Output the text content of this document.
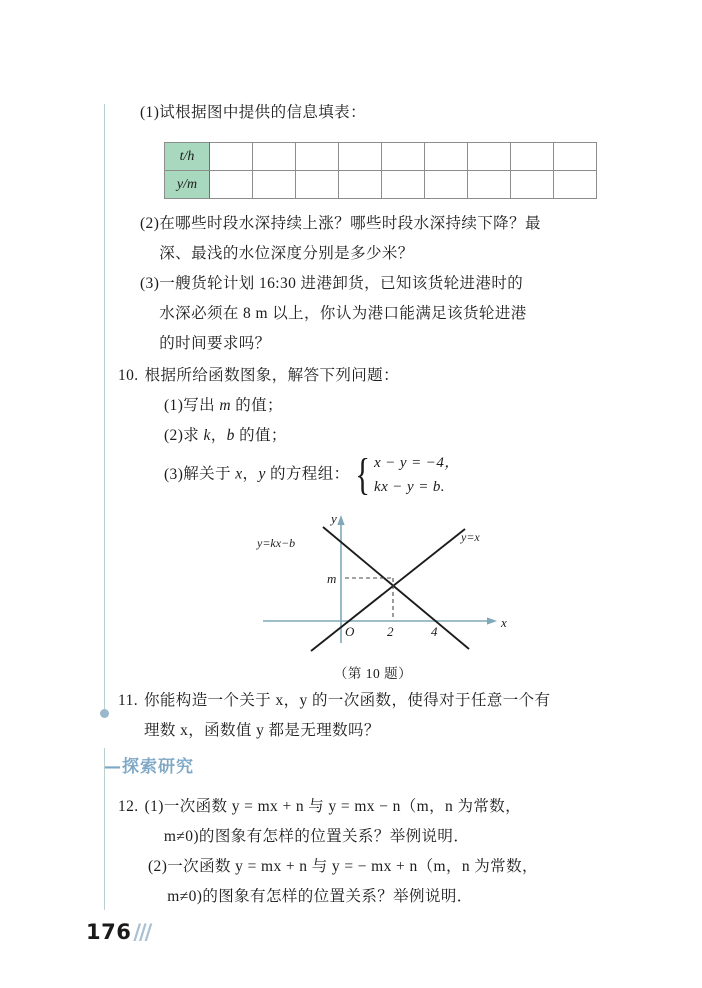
(1) 试根据图中提供的信息填表：
t/h									
y/m									
(2) 在哪些时段水深持续上涨？哪些时段水深持续下降？最
深、最浅的水位深度分别是多少米？
(3) 一艘货轮计划 16:30 进港卸货，已知该货轮进港时的
水深必须在 8 m 以上，你认为港口能满足该货轮进港
的时间要求吗？
10. 根据所给函数图象，解答下列问题：
(1) 写出 m 的值；
(2) 求 k，b 的值；
(3) 解关于 x，y 的方程组： { x − y = −4，
kx − y = b.
y
x
O	2	4
m
y=kx−b	y=x
（第 10 题）
11. 你能构造一个关于 x，y 的一次函数，使得对于任意一个有
理数 x，函数值 y 都是无理数吗？
—探索研究
12. (1) 一次函数 y = mx + n 与 y = mx − n（m，n 为常数，
m≠0)的图象有怎样的位置关系？举例说明．
(2) 一次函数 y = mx + n 与 y = − mx + n（m，n 为常数，
m≠0)的图象有怎样的位置关系？举例说明．
176 ///
